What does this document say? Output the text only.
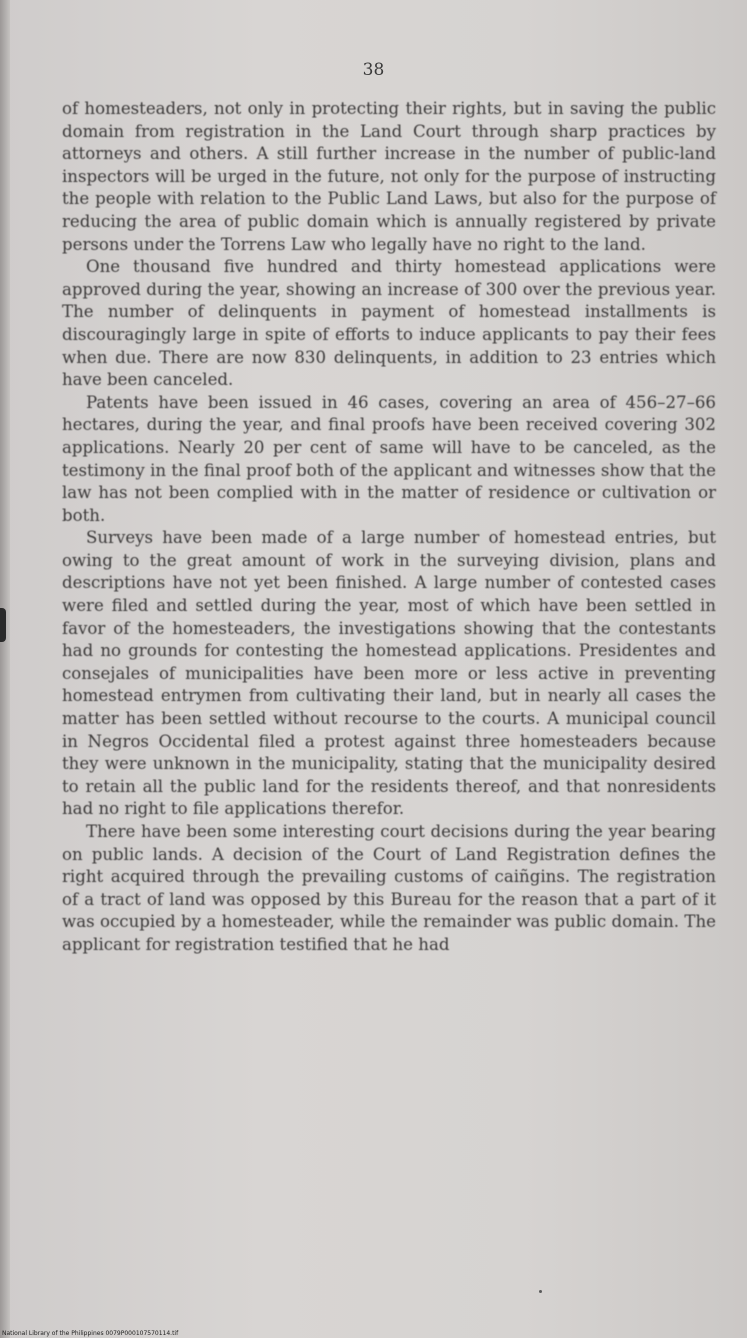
38

of homesteaders, not only in protecting their rights, but in saving the public domain from registration in the Land Court through sharp practices by attorneys and others. A still further increase in the number of public-land inspectors will be urged in the future, not only for the purpose of instructing the people with relation to the Public Land Laws, but also for the purpose of reducing the area of public domain which is annually registered by private persons under the Torrens Law who legally have no right to the land.

One thousand five hundred and thirty homestead applications were approved during the year, showing an increase of 300 over the previous year. The number of delinquents in payment of homestead installments is discouragingly large in spite of efforts to induce applicants to pay their fees when due. There are now 830 delinquents, in addition to 23 entries which have been canceled.

Patents have been issued in 46 cases, covering an area of 456–27–66 hectares, during the year, and final proofs have been received covering 302 applications. Nearly 20 per cent of same will have to be canceled, as the testimony in the final proof both of the applicant and witnesses show that the law has not been complied with in the matter of residence or cultivation or both.

Surveys have been made of a large number of homestead entries, but owing to the great amount of work in the surveying division, plans and descriptions have not yet been finished. A large number of contested cases were filed and settled during the year, most of which have been settled in favor of the homesteaders, the investigations showing that the contestants had no grounds for contesting the homestead applications. Presidentes and consejales of municipalities have been more or less active in preventing homestead entrymen from cultivating their land, but in nearly all cases the matter has been settled without recourse to the courts. A municipal council in Negros Occidental filed a protest against three homesteaders because they were unknown in the municipality, stating that the municipality desired to retain all the public land for the residents thereof, and that nonresidents had no right to file applications therefor.

There have been some interesting court decisions during the year bearing on public lands. A decision of the Court of Land Registration defines the right acquired through the prevailing customs of caiñgins. The registration of a tract of land was opposed by this Bureau for the reason that a part of it was occupied by a homesteader, while the remainder was public domain. The applicant for registration testified that he had

National Library of the Philippines 0079P000107570114.tif
